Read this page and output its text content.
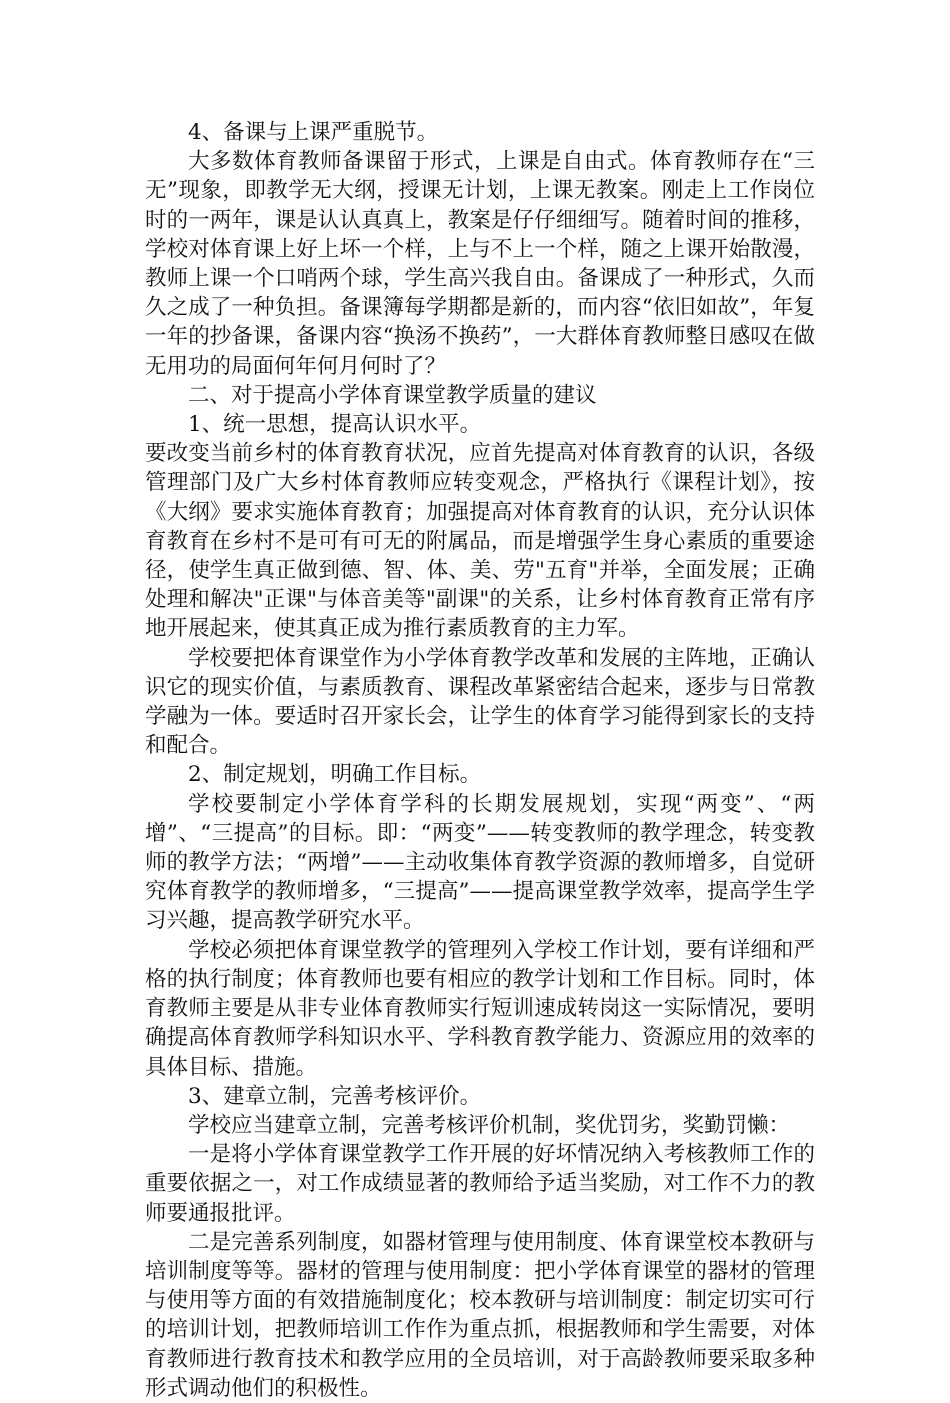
4、备课与上课严重脱节。

大多数体育教师备课留于形式，上课是自由式。体育教师存在“三无”现象，即教学无大纲，授课无计划，上课无教案。刚走上工作岗位时的一两年，课是认认真真上，教案是仔仔细细写。随着时间的推移，学校对体育课上好上坏一个样，上与不上一个样，随之上课开始散漫，教师上课一个口哨两个球，学生高兴我自由。备课成了一种形式，久而久之成了一种负担。备课簿每学期都是新的，而内容“依旧如故”，年复一年的抄备课，备课内容“换汤不换药”，一大群体育教师整日感叹在做无用功的局面何年何月何时了？

二、对于提高小学体育课堂教学质量的建议

1、统一思想，提高认识水平。

要改变当前乡村的体育教育状况，应首先提高对体育教育的认识，各级管理部门及广大乡村体育教师应转变观念，严格执行《课程计划》，按《大纲》要求实施体育教育；加强提高对体育教育的认识，充分认识体育教育在乡村不是可有可无的附属品，而是增强学生身心素质的重要途径，使学生真正做到德、智、体、美、劳"五育"并举，全面发展；正确处理和解决"正课"与体音美等"副课"的关系，让乡村体育教育正常有序地开展起来，使其真正成为推行素质教育的主力军。

学校要把体育课堂作为小学体育教学改革和发展的主阵地，正确认识它的现实价值，与素质教育、课程改革紧密结合起来，逐步与日常教学融为一体。要适时召开家长会，让学生的体育学习能得到家长的支持和配合。

2、制定规划，明确工作目标。

学校要制定小学体育学科的长期发展规划，实现“两变”、“两增”、“三提高”的目标。即：“两变”——转变教师的教学理念，转变教师的教学方法；“两增”——主动收集体育教学资源的教师增多，自觉研究体育教学的教师增多，“三提高”——提高课堂教学效率，提高学生学习兴趣，提高教学研究水平。

学校必须把体育课堂教学的管理列入学校工作计划，要有详细和严格的执行制度；体育教师也要有相应的教学计划和工作目标。同时，体育教师主要是从非专业体育教师实行短训速成转岗这一实际情况，要明确提高体育教师学科知识水平、学科教育教学能力、资源应用的效率的具体目标、措施。

3、建章立制，完善考核评价。

学校应当建章立制，完善考核评价机制，奖优罚劣，奖勤罚懒：

一是将小学体育课堂教学工作开展的好坏情况纳入考核教师工作的重要依据之一，对工作成绩显著的教师给予适当奖励，对工作不力的教师要通报批评。

二是完善系列制度，如器材管理与使用制度、体育课堂校本教研与培训制度等等。器材的管理与使用制度：把小学体育课堂的器材的管理与使用等方面的有效措施制度化；校本教研与培训制度：制定切实可行的培训计划，把教师培训工作作为重点抓，根据教师和学生需要，对体育教师进行教育技术和教学应用的全员培训，对于高龄教师要采取多种形式调动他们的积极性。
